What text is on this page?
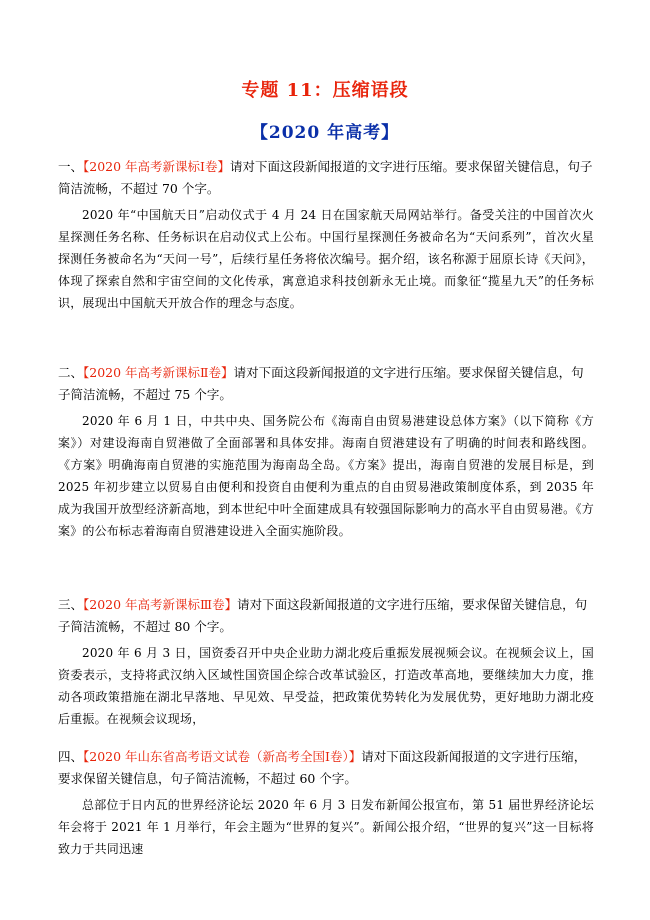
专题 11：压缩语段
【2020 年高考】

一、【2020 年高考新课标Ⅰ卷】请对下面这段新闻报道的文字进行压缩。要求保留关键信息，句子简洁流畅，不超过 70 个字。

2020 年“中国航天日”启动仪式于 4 月 24 日在国家航天局网站举行。备受关注的中国首次火星探测任务名称、任务标识在启动仪式上公布。中国行星探测任务被命名为“天问系列”，首次火星探测任务被命名为“天问一号”，后续行星任务将依次编号。据介绍，该名称源于屈原长诗《天问》，体现了探索自然和宇宙空间的文化传承，寓意追求科技创新永无止境。而象征“揽星九天”的任务标识，展现出中国航天开放合作的理念与态度。

二、【2020 年高考新课标Ⅱ卷】请对下面这段新闻报道的文字进行压缩。要求保留关键信息，句子简洁流畅，不超过 75 个字。

2020 年 6 月 1 日，中共中央、国务院公布《海南自由贸易港建设总体方案》（以下简称《方案》）对建设海南自贸港做了全面部署和具体安排。海南自贸港建设有了明确的时间表和路线图。《方案》明确海南自贸港的实施范围为海南岛全岛。《方案》提出，海南自贸港的发展目标是，到 2025 年初步建立以贸易自由便利和投资自由便利为重点的自由贸易港政策制度体系，到 2035 年成为我国开放型经济新高地，到本世纪中叶全面建成具有较强国际影响力的高水平自由贸易港。《方案》的公布标志着海南自贸港建设进入全面实施阶段。

三、【2020 年高考新课标Ⅲ卷】请对下面这段新闻报道的文字进行压缩，要求保留关键信息，句子简洁流畅，不超过 80 个字。

2020 年 6 月 3 日，国资委召开中央企业助力湖北疫后重振发展视频会议。在视频会议上，国资委表示，支持将武汉纳入区域性国资国企综合改革试验区，打造改革高地，要继续加大力度，推动各项政策措施在湖北早落地、早见效、早受益，把政策优势转化为发展优势，更好地助力湖北疫后重振。在视频会议现场，

四、【2020 年山东省高考语文试卷（新高考全国Ⅰ卷）】请对下面这段新闻报道的文字进行压缩，要求保留关键信息，句子简洁流畅，不超过 60 个字。

总部位于日内瓦的世界经济论坛 2020 年 6 月 3 日发布新闻公报宣布，第 51 届世界经济论坛年会将于 2021 年 1 月举行，年会主题为“世界的复兴”。新闻公报介绍，“世界的复兴”这一目标将致力于共同迅速
